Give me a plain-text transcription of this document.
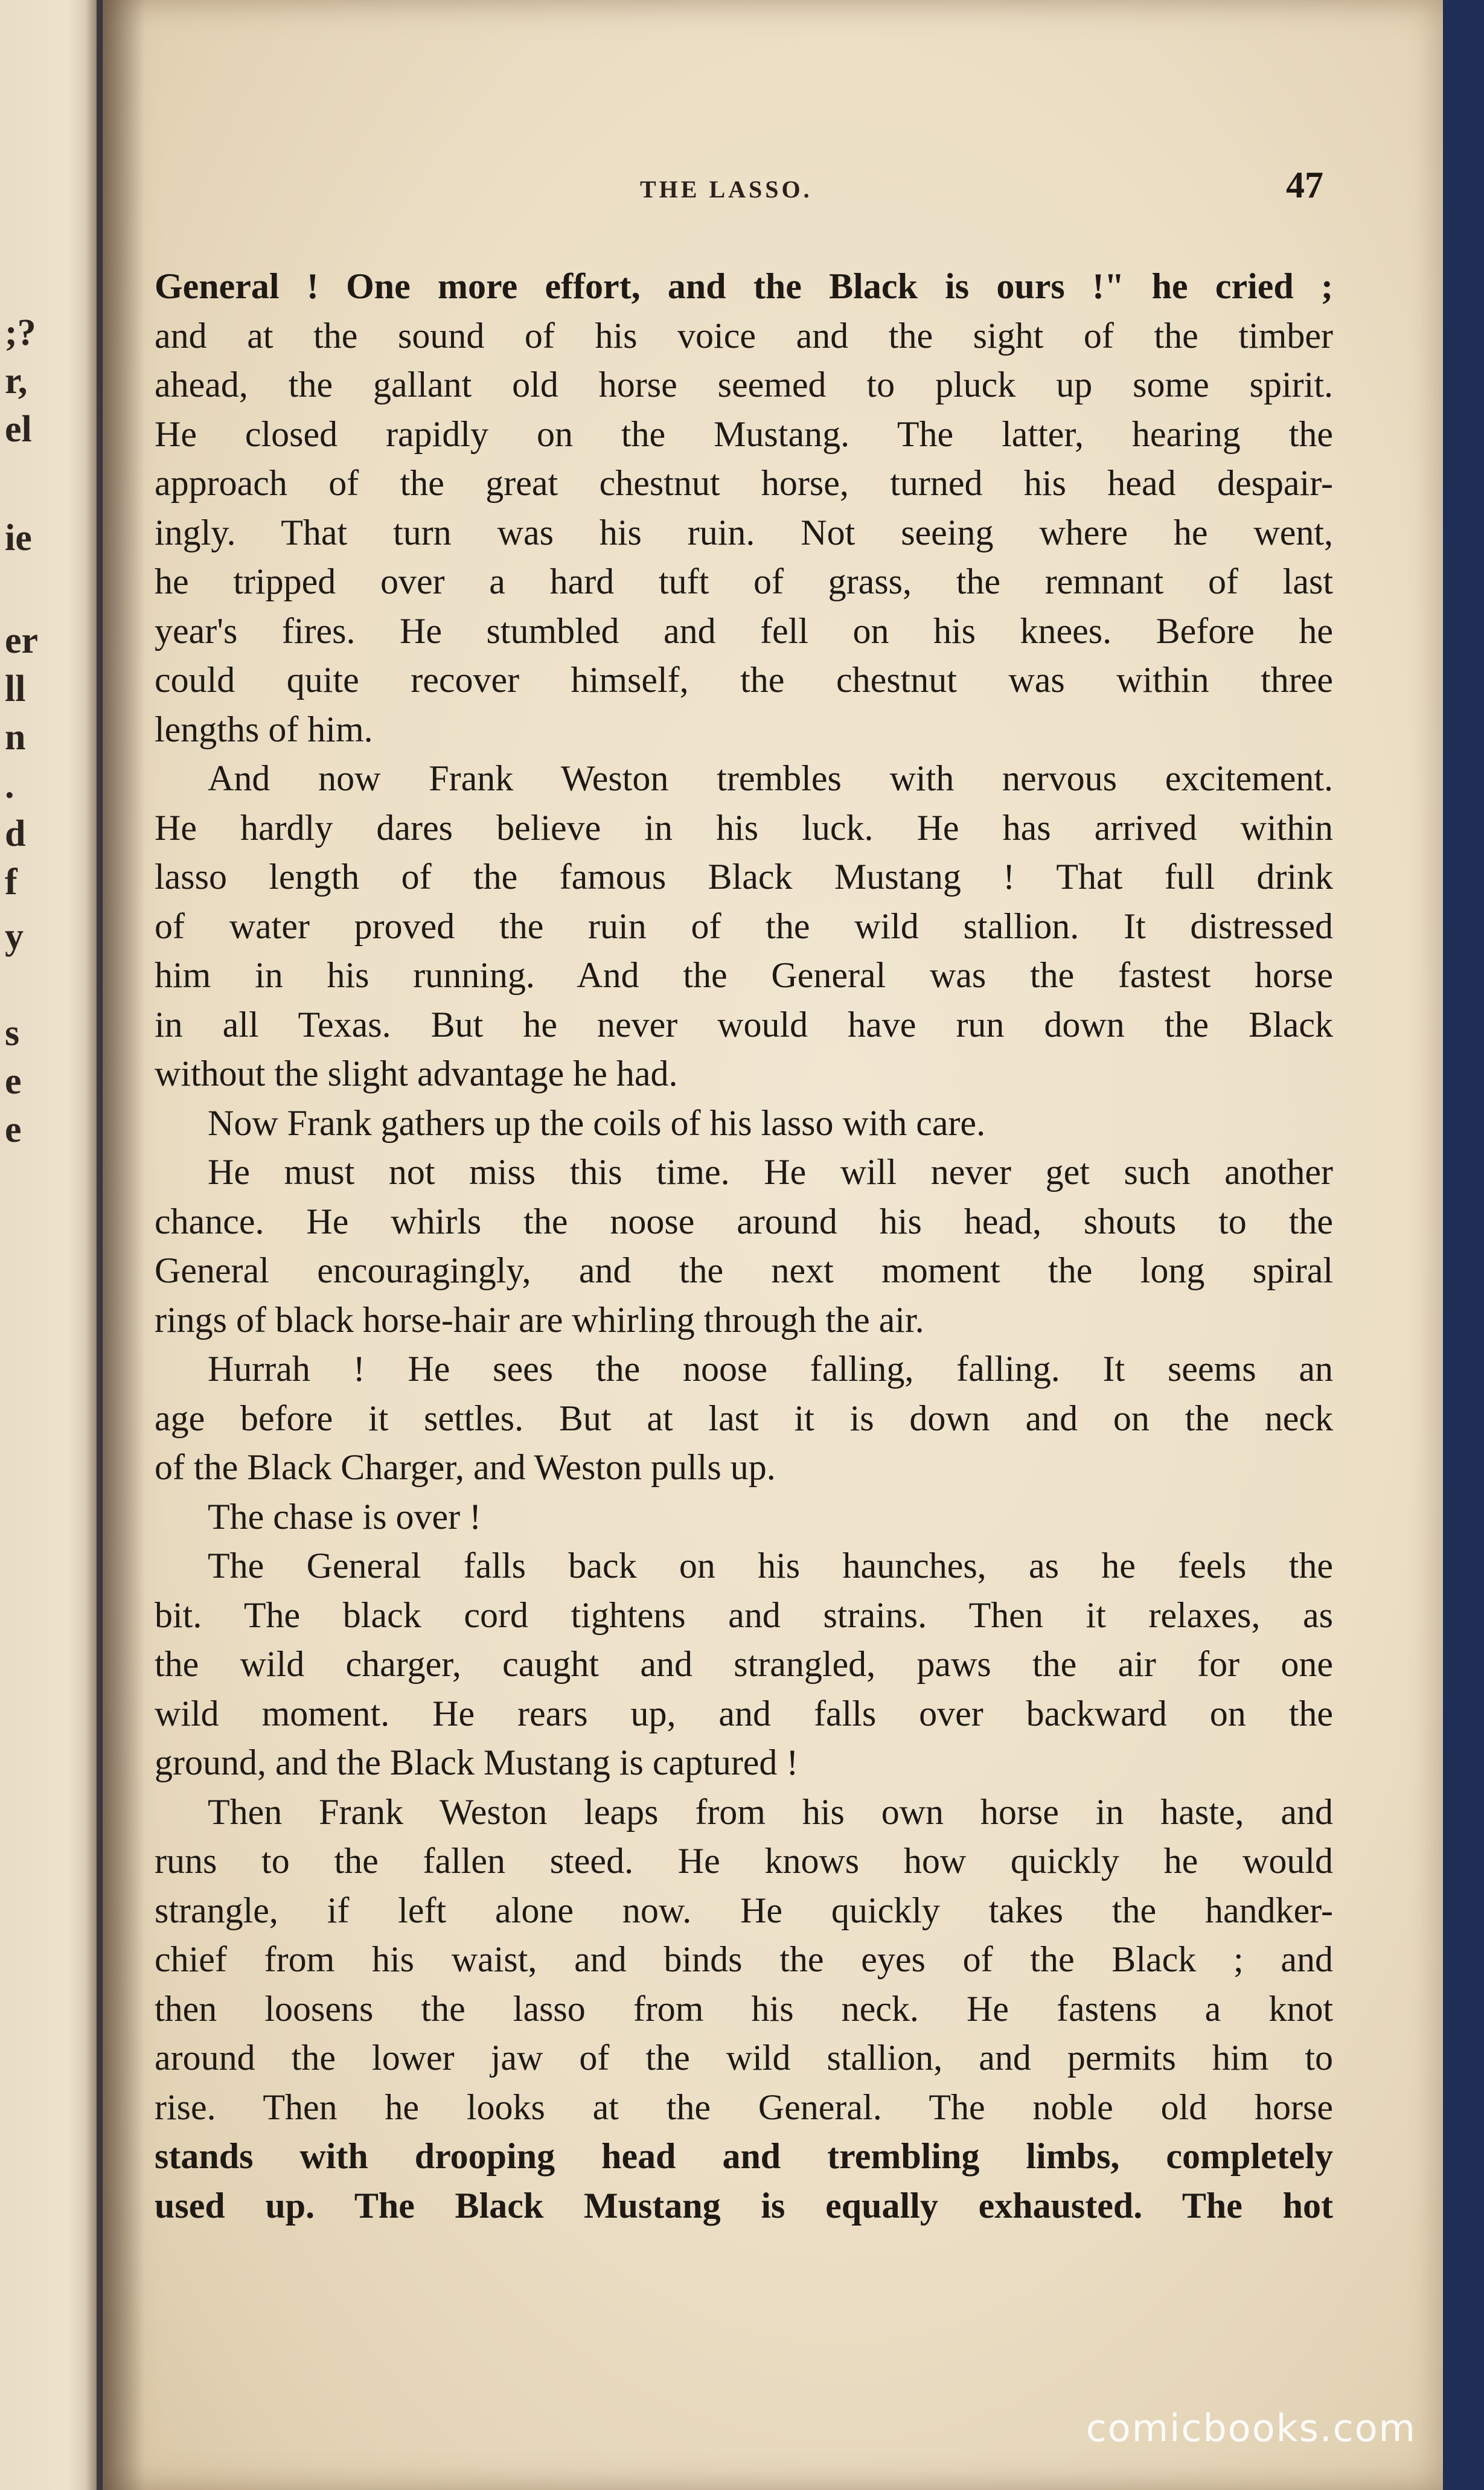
;?
r,
el
ie
er
ll
n
.
d
f
y
s
e
e
THE LASSO.	47
General ! One more effort, and the Black is ours !" he cried ;
and at the sound of his voice and the sight of the timber
ahead, the gallant old horse seemed to pluck up some spirit.
He closed rapidly on the Mustang. The latter, hearing the
approach of the great chestnut horse, turned his head despair-
ingly. That turn was his ruin. Not seeing where he went,
he tripped over a hard tuft of grass, the remnant of last
year's fires. He stumbled and fell on his knees. Before he
could quite recover himself, the chestnut was within three
lengths of him.
And now Frank Weston trembles with nervous excitement.
He hardly dares believe in his luck. He has arrived within
lasso length of the famous Black Mustang ! That full drink
of water proved the ruin of the wild stallion. It distressed
him in his running. And the General was the fastest horse
in all Texas. But he never would have run down the Black
without the slight advantage he had.
Now Frank gathers up the coils of his lasso with care.
He must not miss this time. He will never get such another
chance. He whirls the noose around his head, shouts to the
General encouragingly, and the next moment the long spiral
rings of black horse-hair are whirling through the air.
Hurrah ! He sees the noose falling, falling. It seems an
age before it settles. But at last it is down and on the neck
of the Black Charger, and Weston pulls up.
The chase is over !
The General falls back on his haunches, as he feels the
bit. The black cord tightens and strains. Then it relaxes, as
the wild charger, caught and strangled, paws the air for one
wild moment. He rears up, and falls over backward on the
ground, and the Black Mustang is captured !
Then Frank Weston leaps from his own horse in haste, and
runs to the fallen steed. He knows how quickly he would
strangle, if left alone now. He quickly takes the handker-
chief from his waist, and binds the eyes of the Black ; and
then loosens the lasso from his neck. He fastens a knot
around the lower jaw of the wild stallion, and permits him to
rise. Then he looks at the General. The noble old horse
stands with drooping head and trembling limbs, completely
used up. The Black Mustang is equally exhausted. The hot
comicbooks.com
